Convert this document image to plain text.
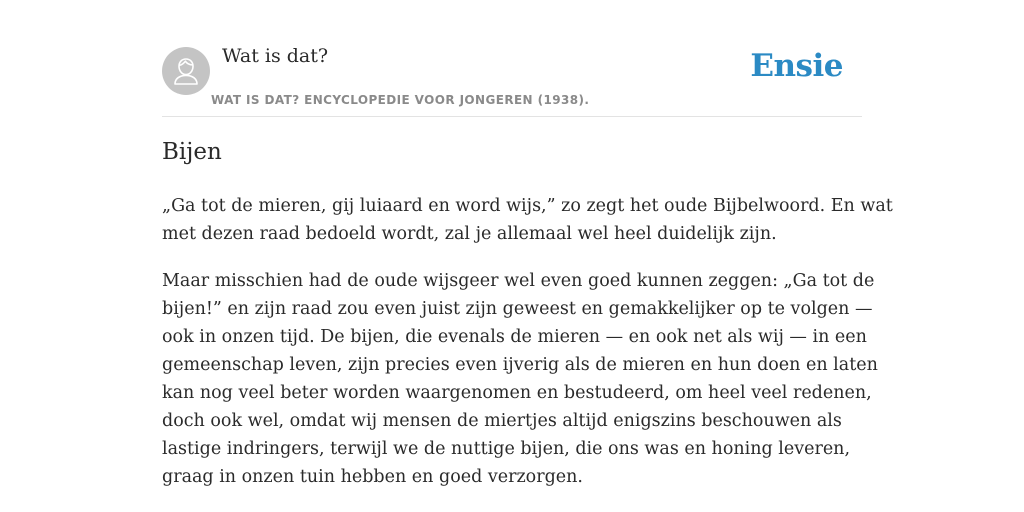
Wat is dat?
WAT IS DAT? ENCYCLOPEDIE VOOR JONGEREN (1938).
Ensie
Bijen

„Ga tot de mieren, gij luiaard en word wijs,” zo zegt het oude Bijbelwoord. En wat
met dezen raad bedoeld wordt, zal je allemaal wel heel duidelijk zijn.

Maar misschien had de oude wijsgeer wel even goed kunnen zeggen: „Ga tot de
bijen!” en zijn raad zou even juist zijn geweest en gemakkelijker op te volgen —
ook in onzen tijd. De bijen, die evenals de mieren — en ook net als wij — in een
gemeenschap leven, zijn precies even ijverig als de mieren en hun doen en laten
kan nog veel beter worden waargenomen en bestudeerd, om heel veel redenen,
doch ook wel, omdat wij mensen de miertjes altijd enigszins beschouwen als
lastige indringers, terwijl we de nuttige bijen, die ons was en honing leveren,
graag in onzen tuin hebben en goed verzorgen.
